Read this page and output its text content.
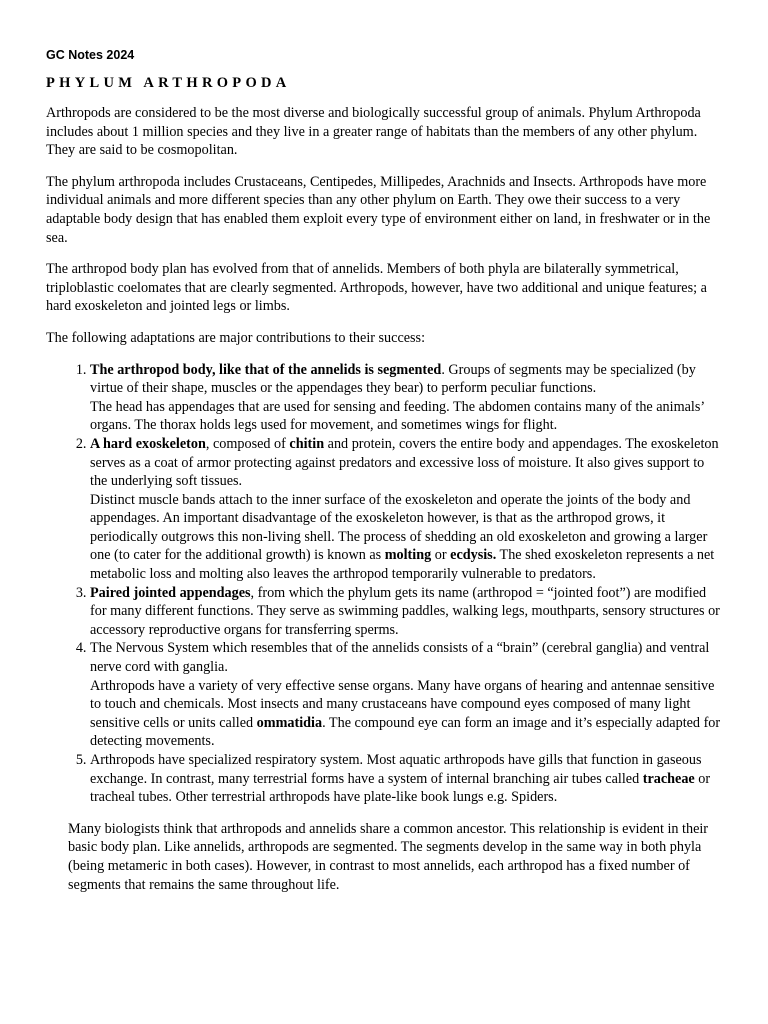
GC Notes 2024
PHYLUM ARTHROPODA

Arthropods are considered to be the most diverse and biologically successful group of animals. Phylum Arthropoda includes about 1 million species and they live in a greater range of habitats than the members of any other phylum. They are said to be cosmopolitan.

The phylum arthropoda includes Crustaceans, Centipedes, Millipedes, Arachnids and Insects. Arthropods have more individual animals and more different species than any other phylum on Earth. They owe their success to a very adaptable body design that has enabled them exploit every type of environment either on land, in freshwater or in the sea.

The arthropod body plan has evolved from that of annelids. Members of both phyla are bilaterally symmetrical, triploblastic coelomates that are clearly segmented. Arthropods, however, have two additional and unique features; a hard exoskeleton and jointed legs or limbs.

The following adaptations are major contributions to their success:

1. The arthropod body, like that of the annelids is segmented. Groups of segments may be specialized (by virtue of their shape, muscles or the appendages they bear) to perform peculiar functions.
The head has appendages that are used for sensing and feeding. The abdomen contains many of the animals’ organs. The thorax holds legs used for movement, and sometimes wings for flight.
2. A hard exoskeleton, composed of chitin and protein, covers the entire body and appendages. The exoskeleton serves as a coat of armor protecting against predators and excessive loss of moisture. It also gives support to the underlying soft tissues.
Distinct muscle bands attach to the inner surface of the exoskeleton and operate the joints of the body and appendages. An important disadvantage of the exoskeleton however, is that as the arthropod grows, it periodically outgrows this non-living shell. The process of shedding an old exoskeleton and growing a larger one (to cater for the additional growth) is known as molting or ecdysis. The shed exoskeleton represents a net metabolic loss and molting also leaves the arthropod temporarily vulnerable to predators.
3. Paired jointed appendages, from which the phylum gets its name (arthropod = “jointed foot”) are modified for many different functions. They serve as swimming paddles, walking legs, mouthparts, sensory structures or accessory reproductive organs for transferring sperms.
4. The Nervous System which resembles that of the annelids consists of a “brain” (cerebral ganglia) and ventral nerve cord with ganglia.
Arthropods have a variety of very effective sense organs. Many have organs of hearing and antennae sensitive to touch and chemicals. Most insects and many crustaceans have compound eyes composed of many light sensitive cells or units called ommatidia. The compound eye can form an image and it’s especially adapted for detecting movements.
5. Arthropods have specialized respiratory system. Most aquatic arthropods have gills that function in gaseous exchange. In contrast, many terrestrial forms have a system of internal branching air tubes called tracheae or tracheal tubes. Other terrestrial arthropods have plate-like book lungs e.g. Spiders.

Many biologists think that arthropods and annelids share a common ancestor. This relationship is evident in their basic body plan. Like annelids, arthropods are segmented. The segments develop in the same way in both phyla (being metameric in both cases). However, in contrast to most annelids, each arthropod has a fixed number of segments that remains the same throughout life.
